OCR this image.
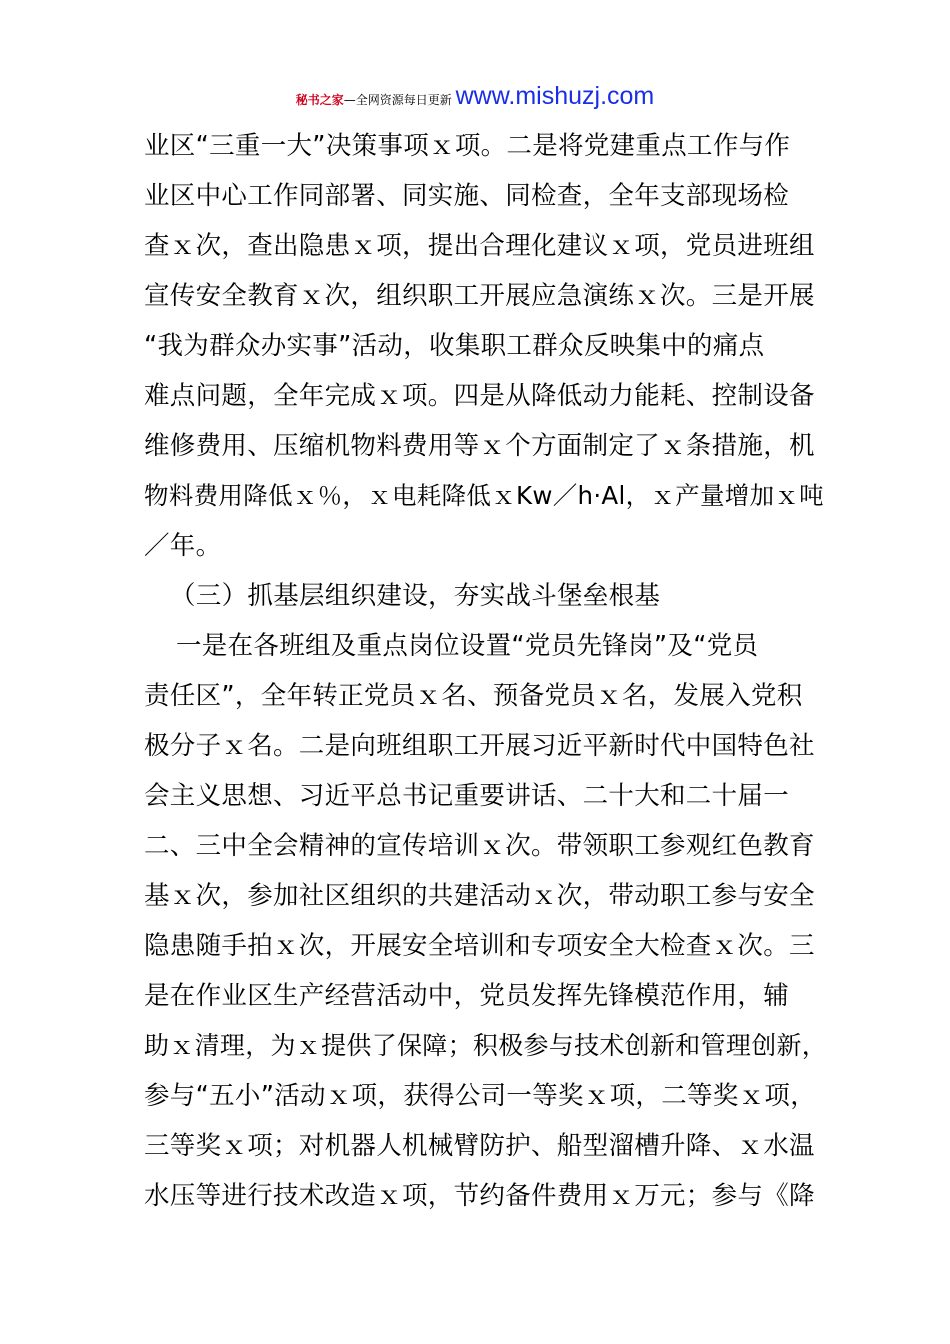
秘书之家—全网资源每日更新 www.mishuzj.com
业区“三重一大”决策事项ｘ项。二是将党建重点工作与作
业区中心工作同部署、同实施、同检查，全年支部现场检
查ｘ次，查出隐患ｘ项，提出合理化建议ｘ项，党员进班组
宣传安全教育ｘ次，组织职工开展应急演练ｘ次。三是开展
“我为群众办实事”活动，收集职工群众反映集中的痛点
难点问题，全年完成ｘ项。四是从降低动力能耗、控制设备
维修费用、压缩机物料费用等ｘ个方面制定了ｘ条措施，机
物料费用降低ｘ％，ｘ电耗降低ｘKw／h·Al，ｘ产量增加ｘ吨
／年。
（三）抓基层组织建设，夯实战斗堡垒根基
一是在各班组及重点岗位设置“党员先锋岗”及“党员
责任区”，全年转正党员ｘ名、预备党员ｘ名，发展入党积
极分子ｘ名。二是向班组职工开展习近平新时代中国特色社
会主义思想、习近平总书记重要讲话、二十大和二十届一
二、三中全会精神的宣传培训ｘ次。带领职工参观红色教育
基ｘ次，参加社区组织的共建活动ｘ次，带动职工参与安全
隐患随手拍ｘ次，开展安全培训和专项安全大检查ｘ次。三
是在作业区生产经营活动中，党员发挥先锋模范作用，辅
助ｘ清理，为ｘ提供了保障；积极参与技术创新和管理创新，
参与“五小”活动ｘ项，获得公司一等奖ｘ项，二等奖ｘ项，
三等奖ｘ项；对机器人机械臂防护、船型溜槽升降、ｘ水温
水压等进行技术改造ｘ项，节约备件费用ｘ万元；参与《降
